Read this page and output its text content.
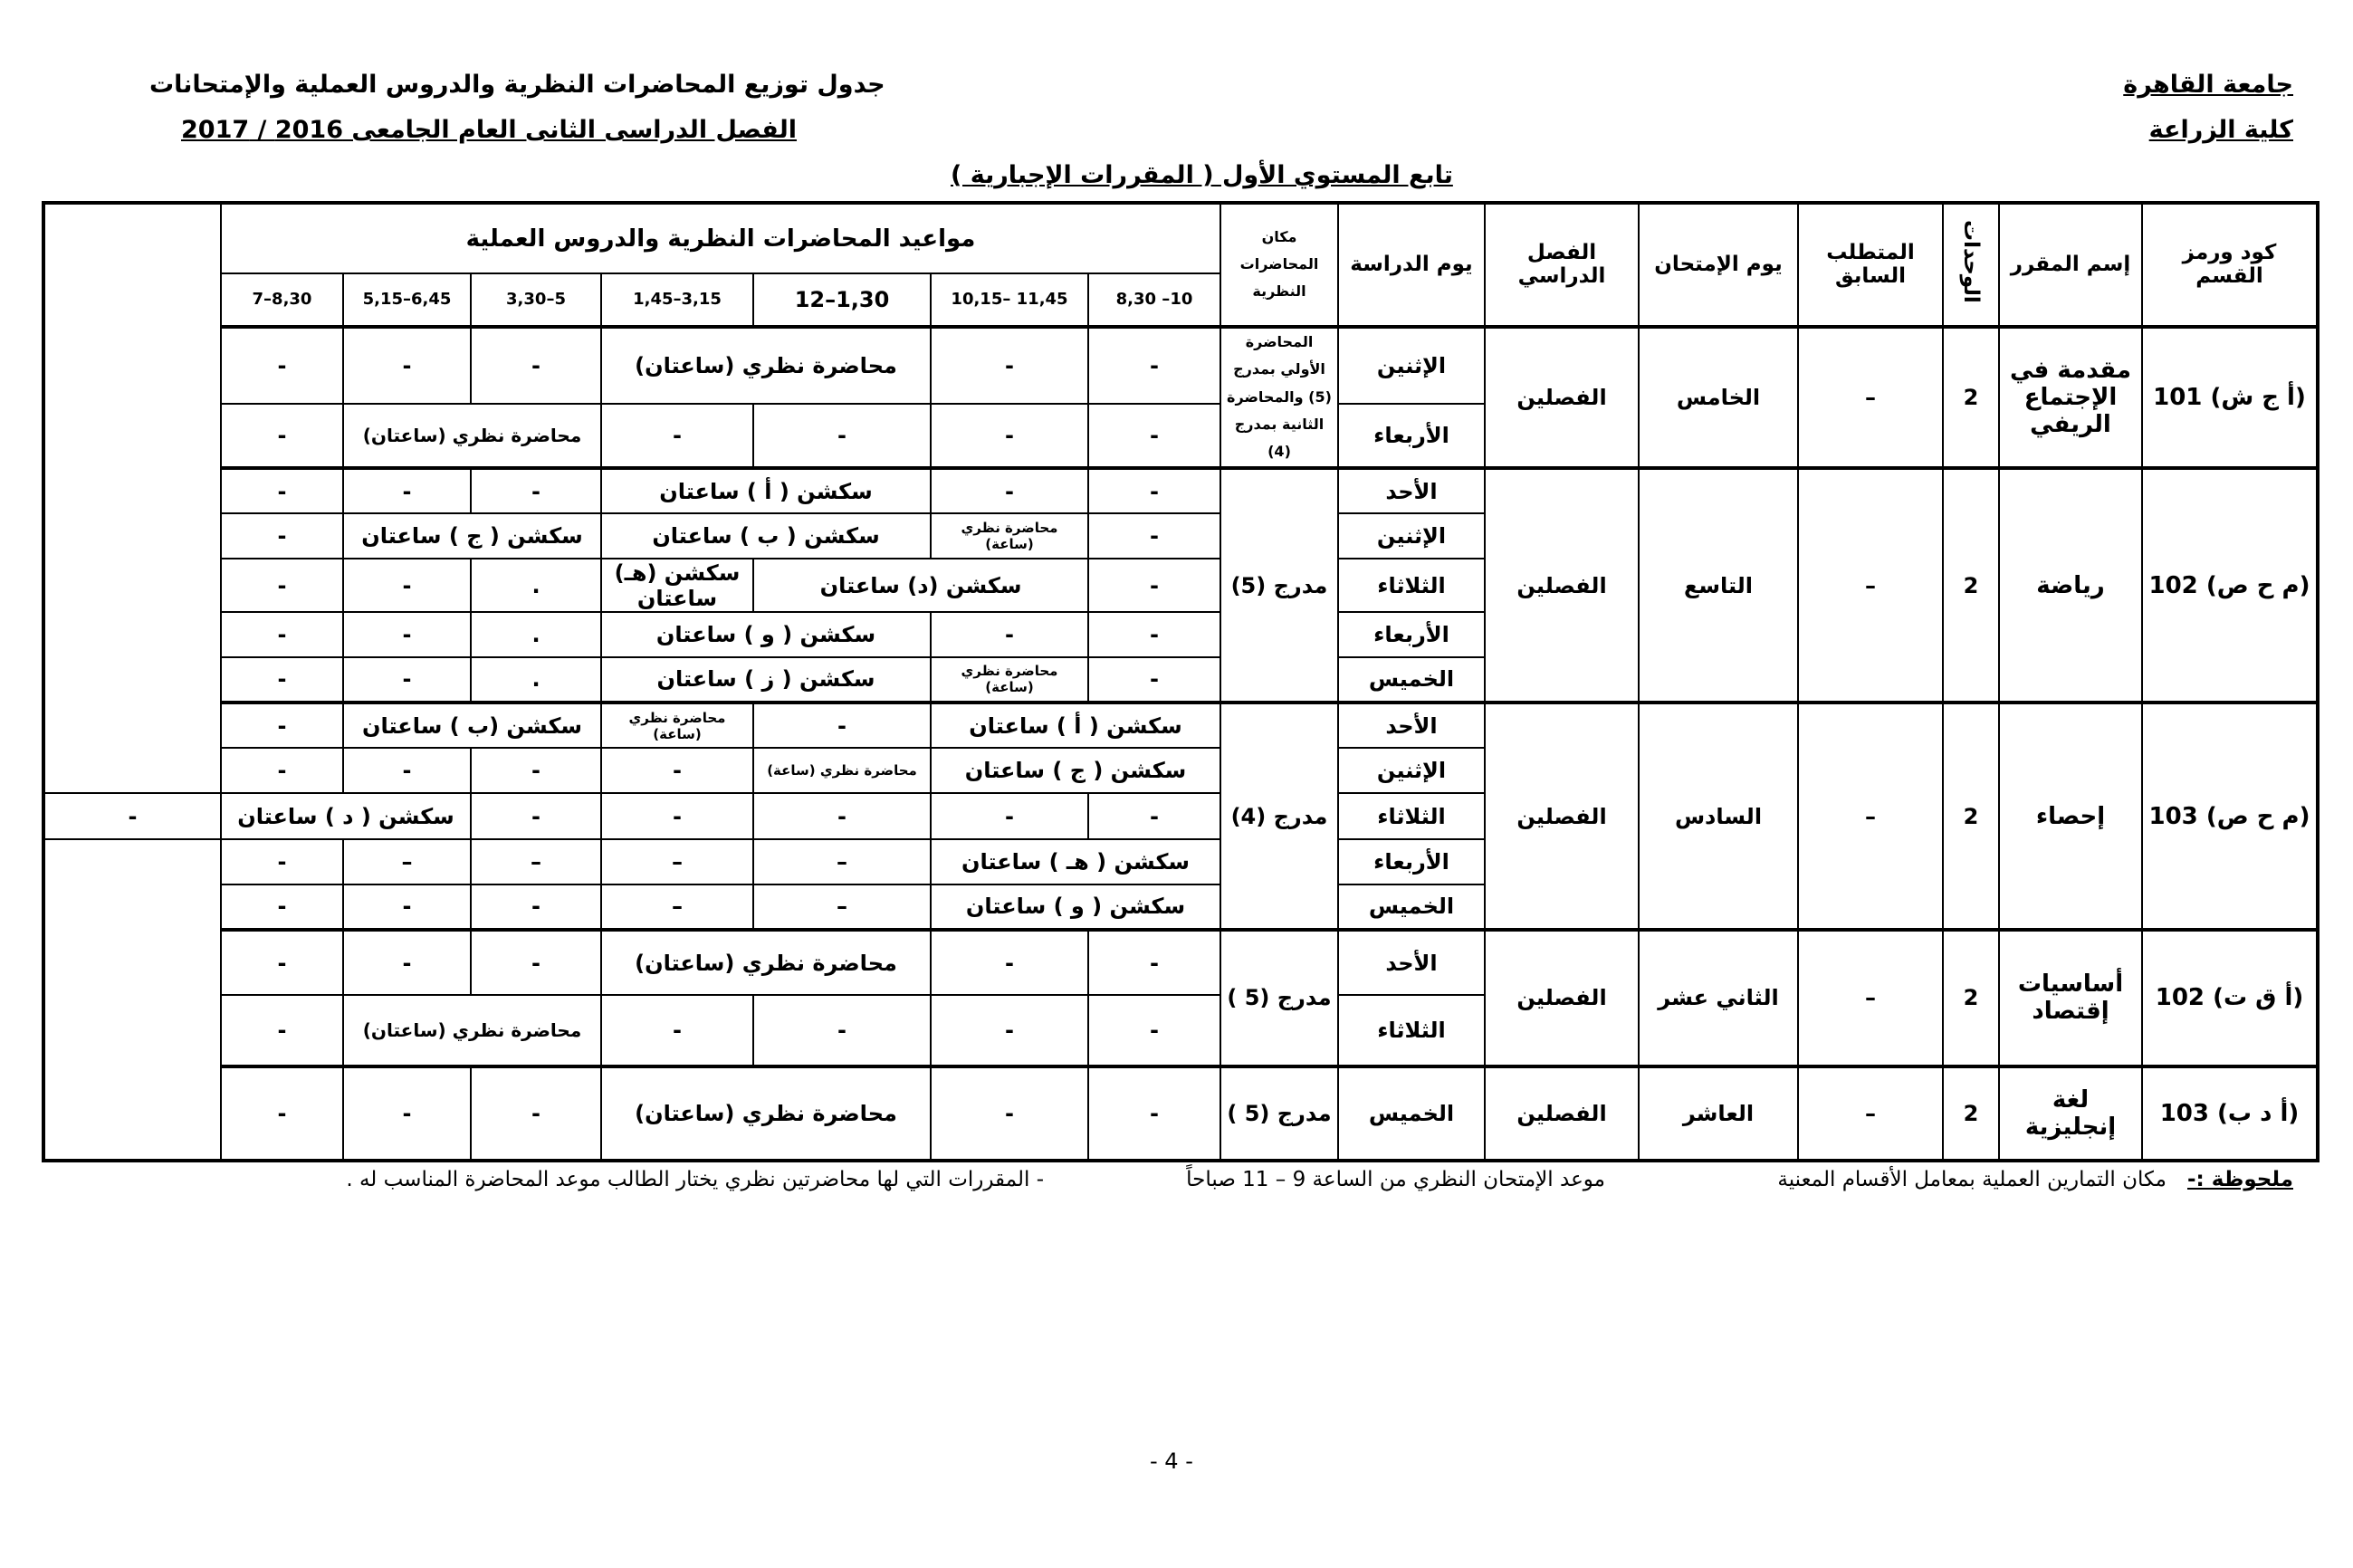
جامعة القاهرة
كلية الزراعة
جدول توزيع المحاضرات النظرية والدروس العملية والإمتحانات
الفصل الدراسى الثانى العام الجامعى 2016 / 2017
تابع المستوي الأول ( المقررات الإجبارية )
كود ورمز القسم	إسم المقرر	الوحدات	المتطلب السابق	يوم الإمتحان	الفصل الدراسي	يوم الدراسة	مكان المحاضرات النظرية	مواعيد المحاضرات النظرية والدروس العملية							
								10– 8,30	11,45 –10,15	1,30–12	3,15–1,45	5–3,30	6,45–5,15	8,30–7	
(أ ج ش) 101	مقدمة في الإجتماع الريفي	2	–	الخامس	الفصلين	الإثنين	المحاضرة الأولي بمدرج (5) والمحاضرة الثانية بمدرج (4)	-	-	محاضرة نظري (ساعتان)		-	-	-	
						الأربعاء		-	-	-	-	محاضرة نظري (ساعتان)		-	
(م ح ص) 102	رياضة	2	–	التاسع	الفصلين	الأحد	مدرج (5)	-	-	سكشن ( أ ) ساعتان		-	-	-	
						الإثنين		-	محاضرة نظري (ساعة)	سكشن ( ب ) ساعتان		سكشن ( ج ) ساعتان		-	
						الثلاثاء		-	سكشن (د) ساعتان		سكشن (هـ) ساعتان	.	-	-	
						الأربعاء		-	-	سكشن ( و ) ساعتان		.	-	-	
						الخميس		-	محاضرة نظري (ساعة)	سكشن ( ز ) ساعتان		.	-	-	
(م ح ص) 103	إحصاء	2	–	السادس	الفصلين	الأحد	مدرج (4)	سكشن ( أ ) ساعتان		-	محاضرة نظري (ساعة)	سكشن (ب ) ساعتان		-	
						الإثنين		سكشن ( ج ) ساعتان		محاضرة نظري (ساعة)	-	-	-	-	
						الثلاثاء		-	-	-	-	-	سكشن ( د ) ساعتان		-
						الأربعاء		سكشن ( هـ ) ساعتان		–	–	–	–	-	
						الخميس		سكشن ( و ) ساعتان		–	–	-	-	-	
(أ ق ت) 102	أساسيات إقتصاد	2	–	الثاني عشر	الفصلين	الأحد	مدرج (5 )	-	-	محاضرة نظري (ساعتان)		-	-	-	
						الثلاثاء		-	-	-	-	محاضرة نظري (ساعتان)		-	
(أ د ب) 103	لغة إنجليزية	2	–	العاشر	الفصلين	الخميس	مدرج (5 )	-	-	محاضرة نظري (ساعتان)		-	-	-	
ملحوظة :-
مكان التمارين العملية بمعامل الأقسام المعنية
موعد الإمتحان النظري من الساعة 9 – 11 صباحاً
- المقررات التي لها محاضرتين نظري يختار الطالب موعد المحاضرة المناسب له .
- 4 -
